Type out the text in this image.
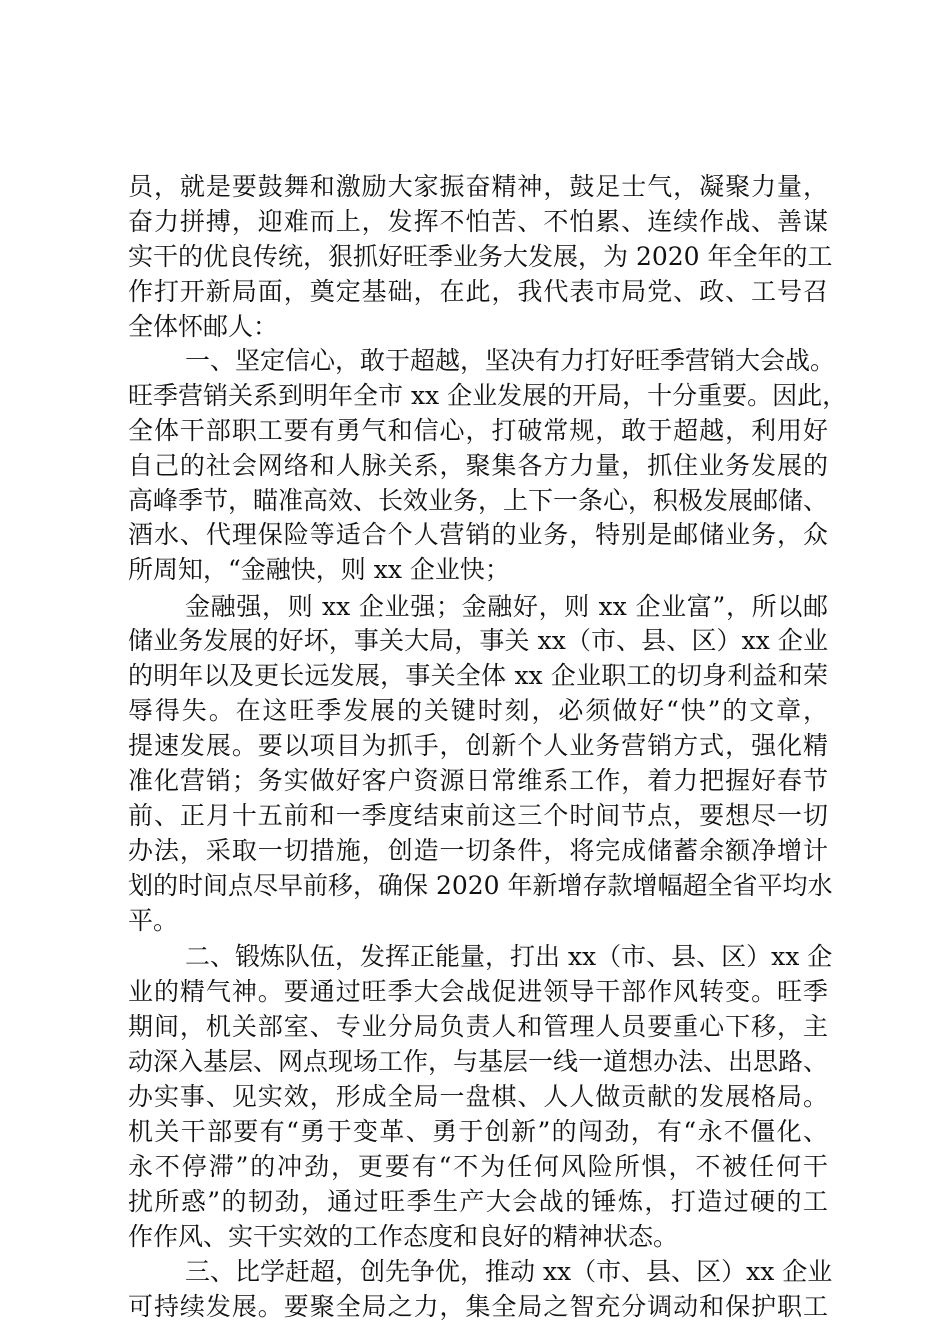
员，就是要鼓舞和激励大家振奋精神，鼓足士气，凝聚力量，
奋力拼搏，迎难而上，发挥不怕苦、不怕累、连续作战、善谋
实干的优良传统，狠抓好旺季业务大发展，为 2020 年全年的工
作打开新局面，奠定基础，在此，我代表市局党、政、工号召
全体怀邮人：
一、坚定信心，敢于超越，坚决有力打好旺季营销大会战。
旺季营销关系到明年全市 xx 企业发展的开局，十分重要。因此，
全体干部职工要有勇气和信心，打破常规，敢于超越，利用好
自己的社会网络和人脉关系，聚集各方力量，抓住业务发展的
高峰季节，瞄准高效、长效业务，上下一条心，积极发展邮储、
酒水、代理保险等适合个人营销的业务，特别是邮储业务，众
所周知，“金融快，则 xx 企业快；
金融强，则 xx 企业强；金融好，则 xx 企业富”，所以邮
储业务发展的好坏，事关大局，事关 xx（市、县、区）xx 企业
的明年以及更长远发展，事关全体 xx 企业职工的切身利益和荣
辱得失。在这旺季发展的关键时刻，必须做好“快”的文章，
提速发展。要以项目为抓手，创新个人业务营销方式，强化精
准化营销；务实做好客户资源日常维系工作，着力把握好春节
前、正月十五前和一季度结束前这三个时间节点，要想尽一切
办法，采取一切措施，创造一切条件，将完成储蓄余额净增计
划的时间点尽早前移，确保 2020 年新增存款增幅超全省平均水
平。
二、锻炼队伍，发挥正能量，打出 xx（市、县、区）xx 企
业的精气神。要通过旺季大会战促进领导干部作风转变。旺季
期间，机关部室、专业分局负责人和管理人员要重心下移，主
动深入基层、网点现场工作，与基层一线一道想办法、出思路、
办实事、见实效，形成全局一盘棋、人人做贡献的发展格局。
机关干部要有“勇于变革、勇于创新”的闯劲，有“永不僵化、
永不停滞”的冲劲，更要有“不为任何风险所惧，不被任何干
扰所惑”的韧劲，通过旺季生产大会战的锤炼，打造过硬的工
作作风、实干实效的工作态度和良好的精神状态。
三、比学赶超，创先争优，推动 xx（市、县、区）xx 企业
可持续发展。要聚全局之力，集全局之智充分调动和保护职工
